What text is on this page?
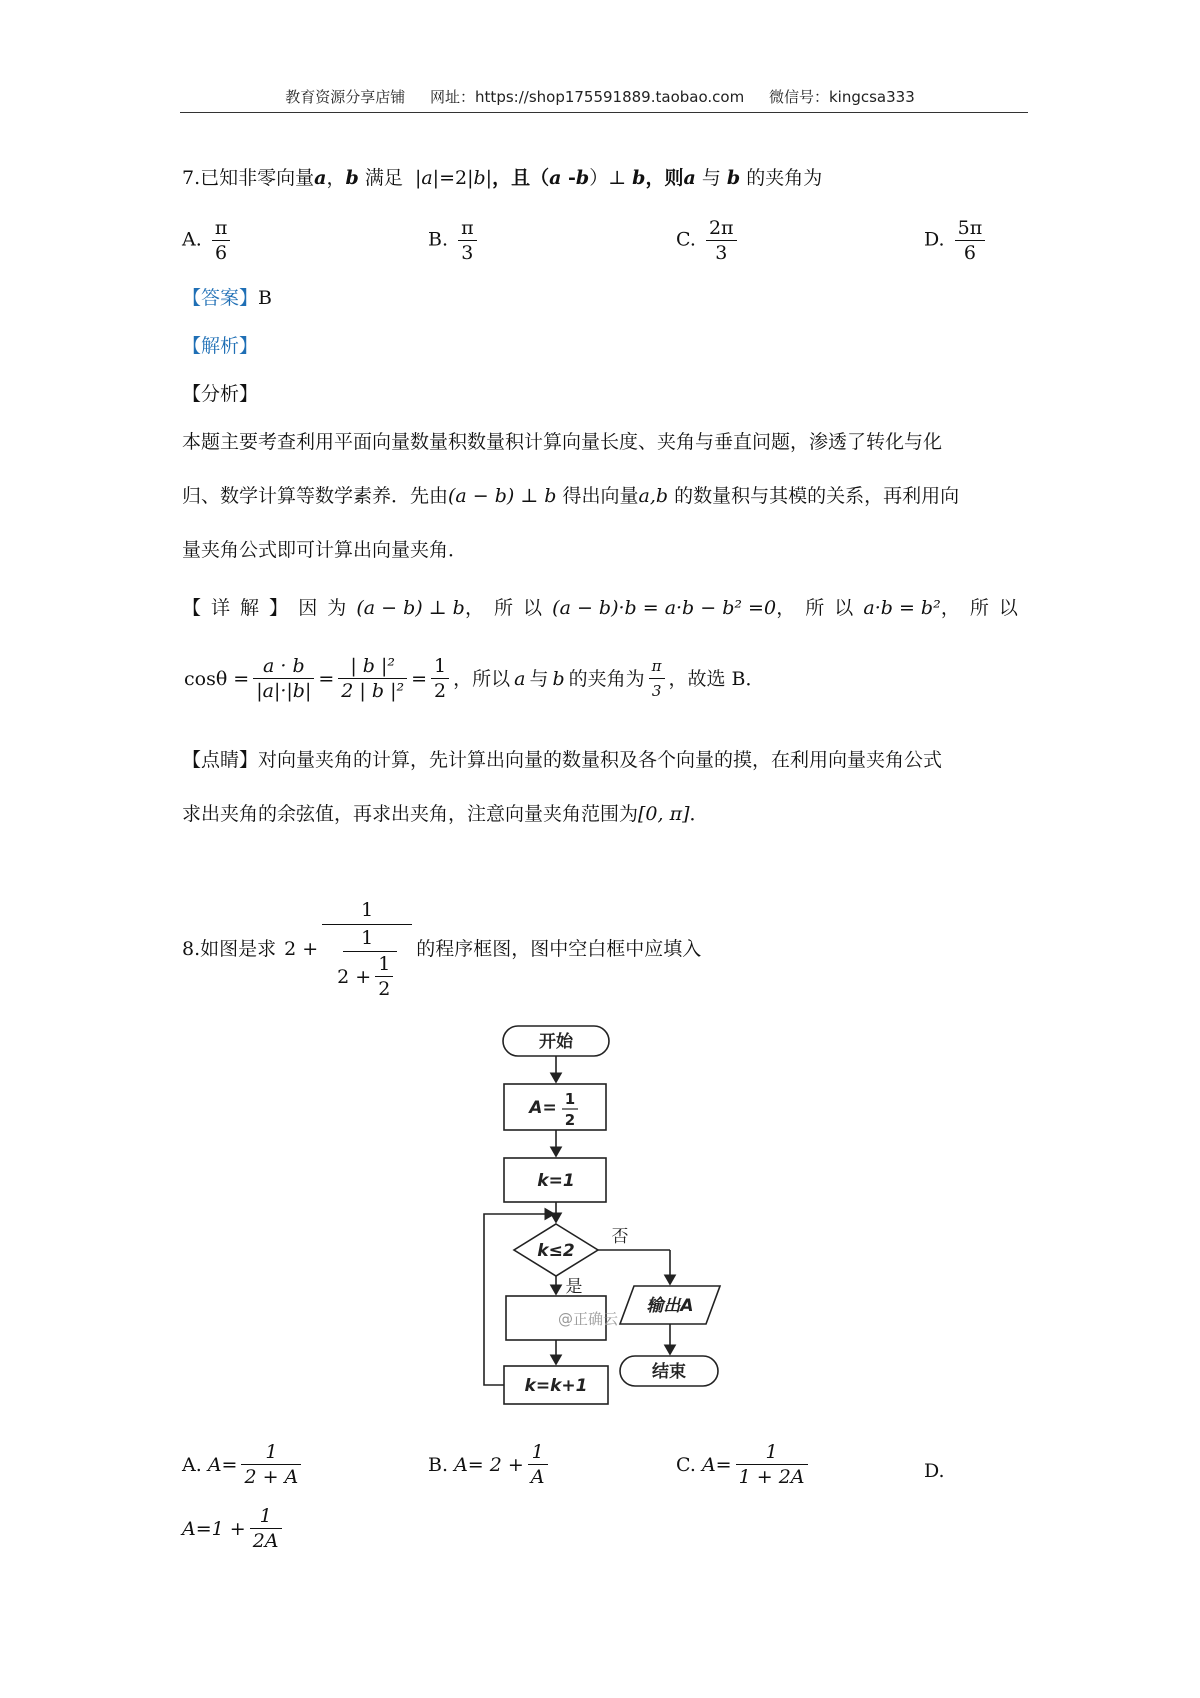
教育资源分享店铺 网址：https://shop175591889.taobao.com 微信号：kingcsa333
7.已知非零向量a，b 满足 |a|=2|b|，且（a -b）⊥ b，则a 与 b 的夹角为
A. $\frac{\pi}{6}$	B. $\frac{\pi}{3}$	C. $\frac{2\pi}{3}$	D. $\frac{5\pi}{6}$
【答案】B
【解析】
【分析】
本题主要考查利用平面向量数量积数量积计算向量长度、夹角与垂直问题，渗透了转化与化
归、数学计算等数学素养．先由(a − b) ⊥ b 得出向量a,b 的数量积与其模的关系，再利用向
量夹角公式即可计算出向量夹角．
【详解】 因为 (a − b) ⊥ b ，所以 (a − b)·b = a·b − b² =0 ，所以 a·b = b² ，所以
$\cos\theta = \frac{a \cdot b}{|a|\cdot|b|} = \frac{\text{| b |²}}{\text{2 | b |²}} = \frac{1}{2}$ ，所以 a 与 b 的夹角为 $\frac{\pi}{3}$ ，故选 B．
【点睛】对向量夹角的计算，先计算出向量的数量积及各个向量的摸，在利用向量夹角公式
求出夹角的余弦值，再求出夹角，注意向量夹角范围为[0, π]．
8. 如图是求 2 +
1
1
$2 + \frac{1}{2}$
的程序框图，图中空白框中应填入
开始
A= 1
2
k=1
k≤2
否
是
@正确云
输出A
k=k+1
结束
A.
$A= \frac{1}{2 + A}$	B.
$A= 2 + \frac{1}{A}$	C.
$A= \frac{1}{1 + 2A}$	D.
$A=1 + \frac{1}{2A}$
